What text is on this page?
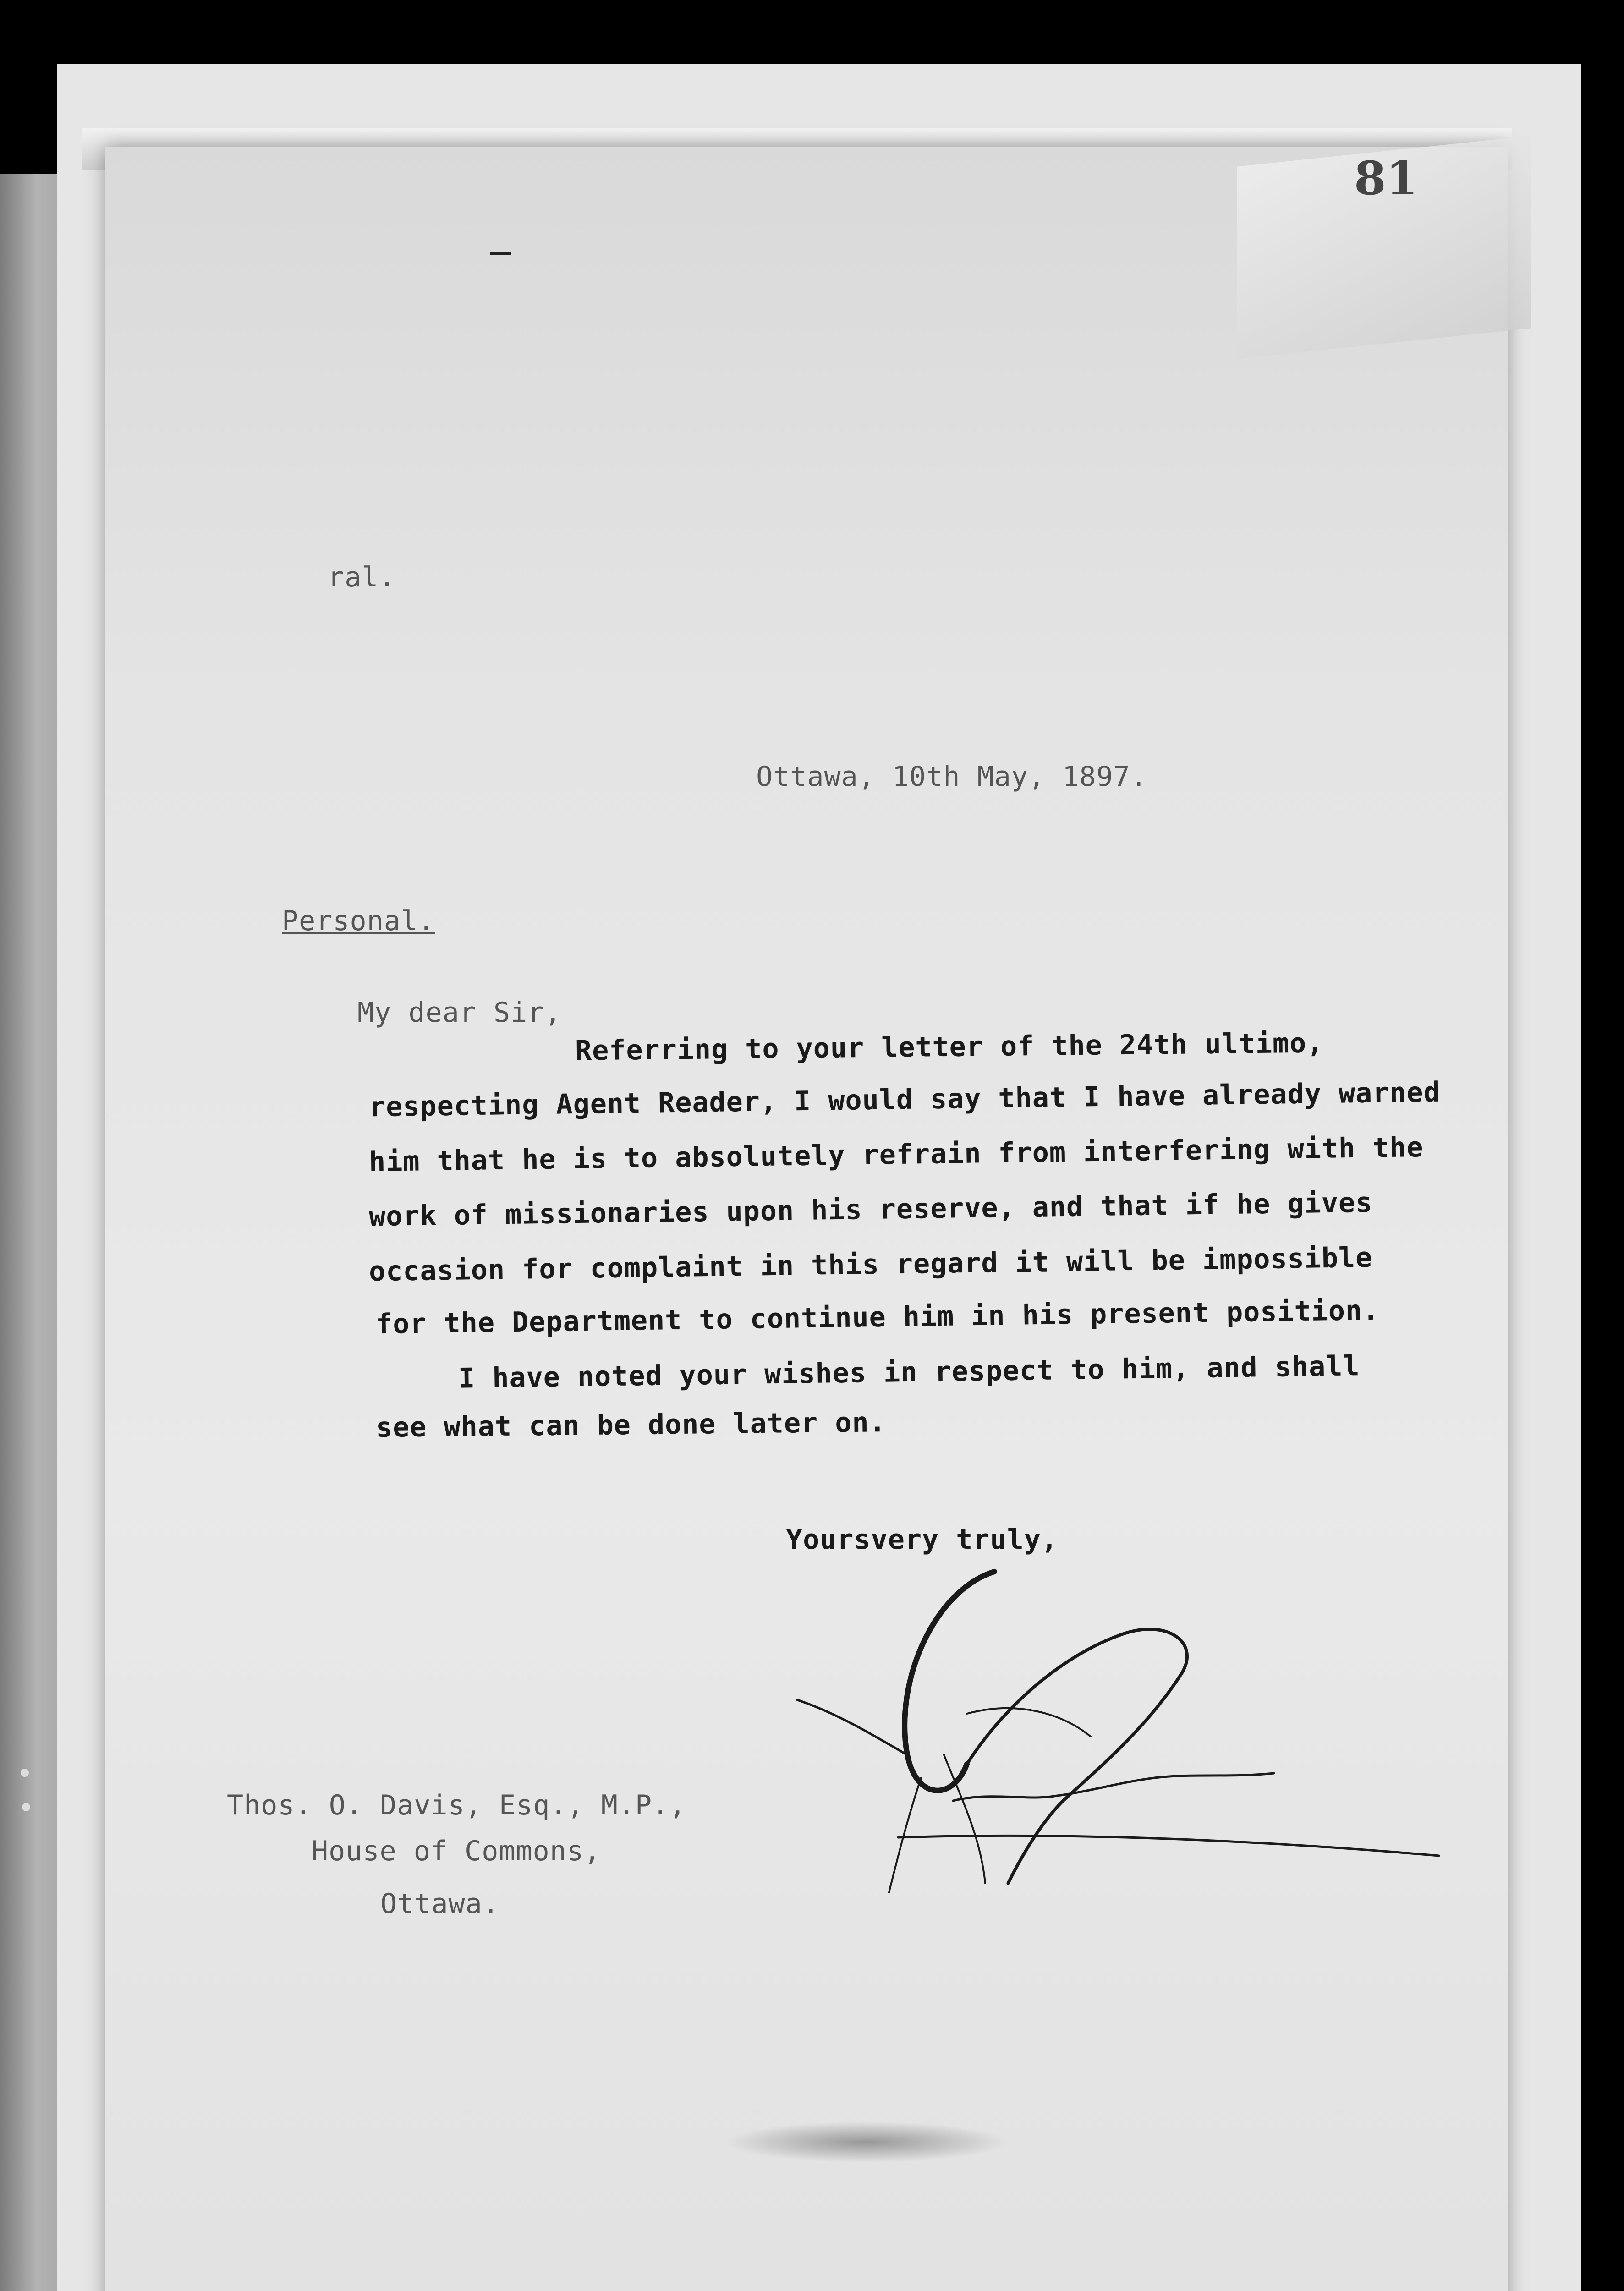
81
ral.
Ottawa, 10th May, 1897.
Personal.
My dear Sir,
Referring to your letter of the 24th ultimo,
respecting Agent Reader, I would say that I have already warned
him that he is to absolutely refrain from interfering with the
work of missionaries upon his reserve, and that if he gives
occasion for complaint in this regard it will be impossible
for the Department to continue him in his present position.
I have noted your wishes in respect to him, and shall
see what can be done later on.
Yoursvery truly,
Thos. O. Davis, Esq., M.P.,
House of Commons,
Ottawa.
